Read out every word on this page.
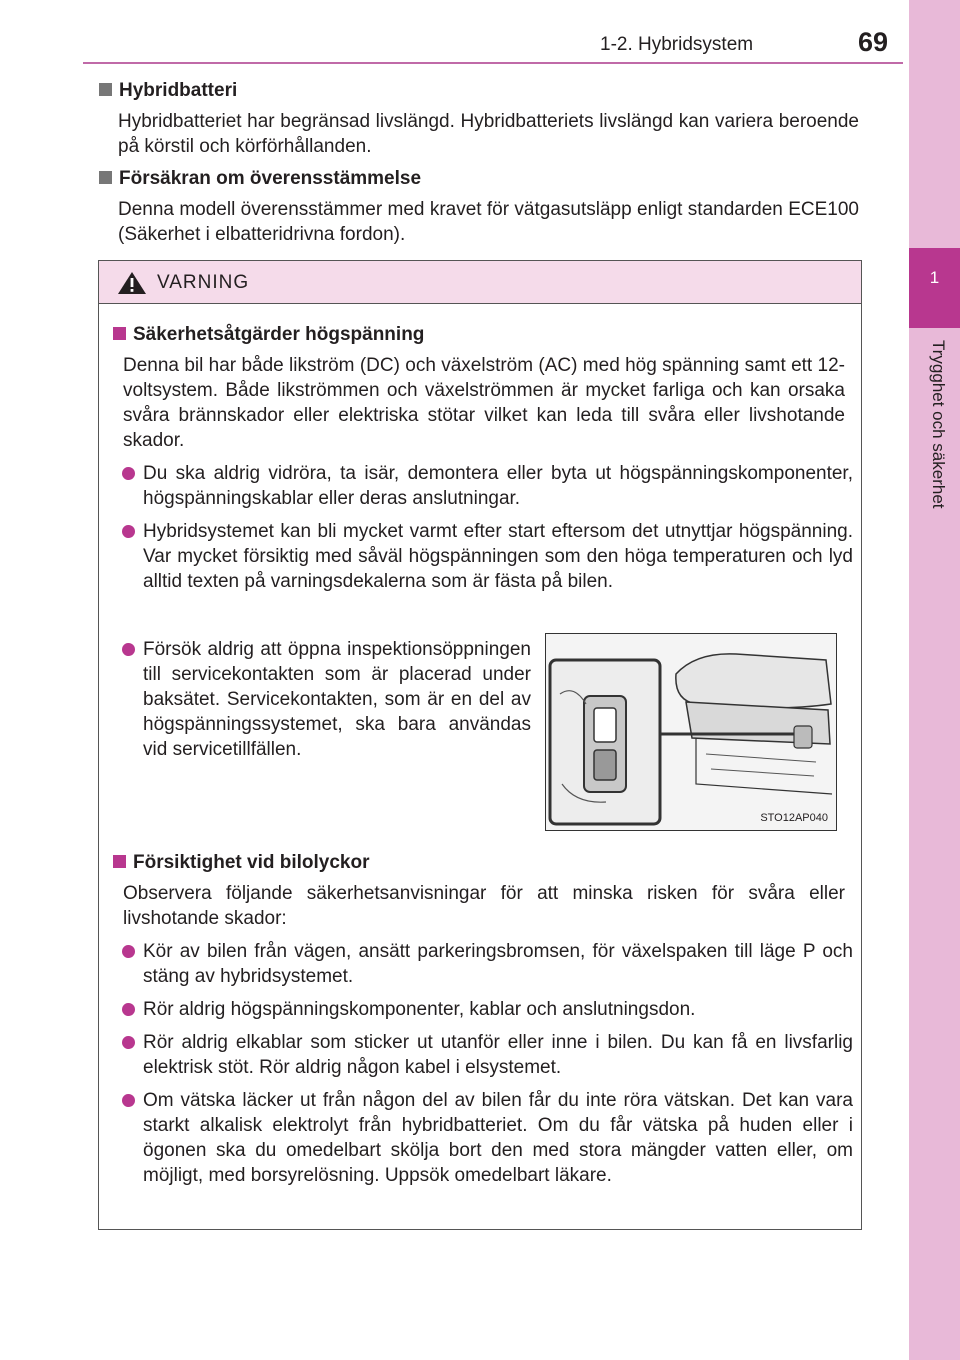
1-2. Hybridsystem	69
1
Trygghet och säkerhet
Hybridbatteri
Hybridbatteriet har begränsad livslängd. Hybridbatteriets livslängd kan variera beroende på körstil och körförhållanden.
Försäkran om överensstämmelse
Denna modell överensstämmer med kravet för vätgasutsläpp enligt standarden ECE100 (Säkerhet i elbatteridrivna fordon).
VARNING
Säkerhetsåtgärder högspänning
Denna bil har både likström (DC) och växelström (AC) med hög spänning samt ett 12-voltsystem. Både likströmmen och växelströmmen är mycket farliga och kan orsaka svåra brännskador eller elektriska stötar vilket kan leda till svåra eller livshotande skador.
Du ska aldrig vidröra, ta isär, demontera eller byta ut högspänningskomponenter, högspänningskablar eller deras anslutningar.
Hybridsystemet kan bli mycket varmt efter start eftersom det utnyttjar högspänning. Var mycket försiktig med såväl högspänningen som den höga temperaturen och lyd alltid texten på varningsdekalerna som är fästa på bilen.
Försök aldrig att öppna inspektionsöppningen till servicekontakten som är placerad under baksätet. Servicekontakten, som är en del av högspänningssystemet, ska bara användas vid servicetillfällen.
STO12AP040
Försiktighet vid bilolyckor
Observera följande säkerhetsanvisningar för att minska risken för svåra eller livshotande skador:
Kör av bilen från vägen, ansätt parkeringsbromsen, för växelspaken till läge P och stäng av hybridsystemet.
Rör aldrig högspänningskomponenter, kablar och anslutningsdon.
Rör aldrig elkablar som sticker ut utanför eller inne i bilen. Du kan få en livsfarlig elektrisk stöt. Rör aldrig någon kabel i elsystemet.
Om vätska läcker ut från någon del av bilen får du inte röra vätskan. Det kan vara starkt alkalisk elektrolyt från hybridbatteriet. Om du får vätska på huden eller i ögonen ska du omedelbart skölja bort den med stora mängder vatten eller, om möjligt, med borsyrelösning. Uppsök omedelbart läkare.
